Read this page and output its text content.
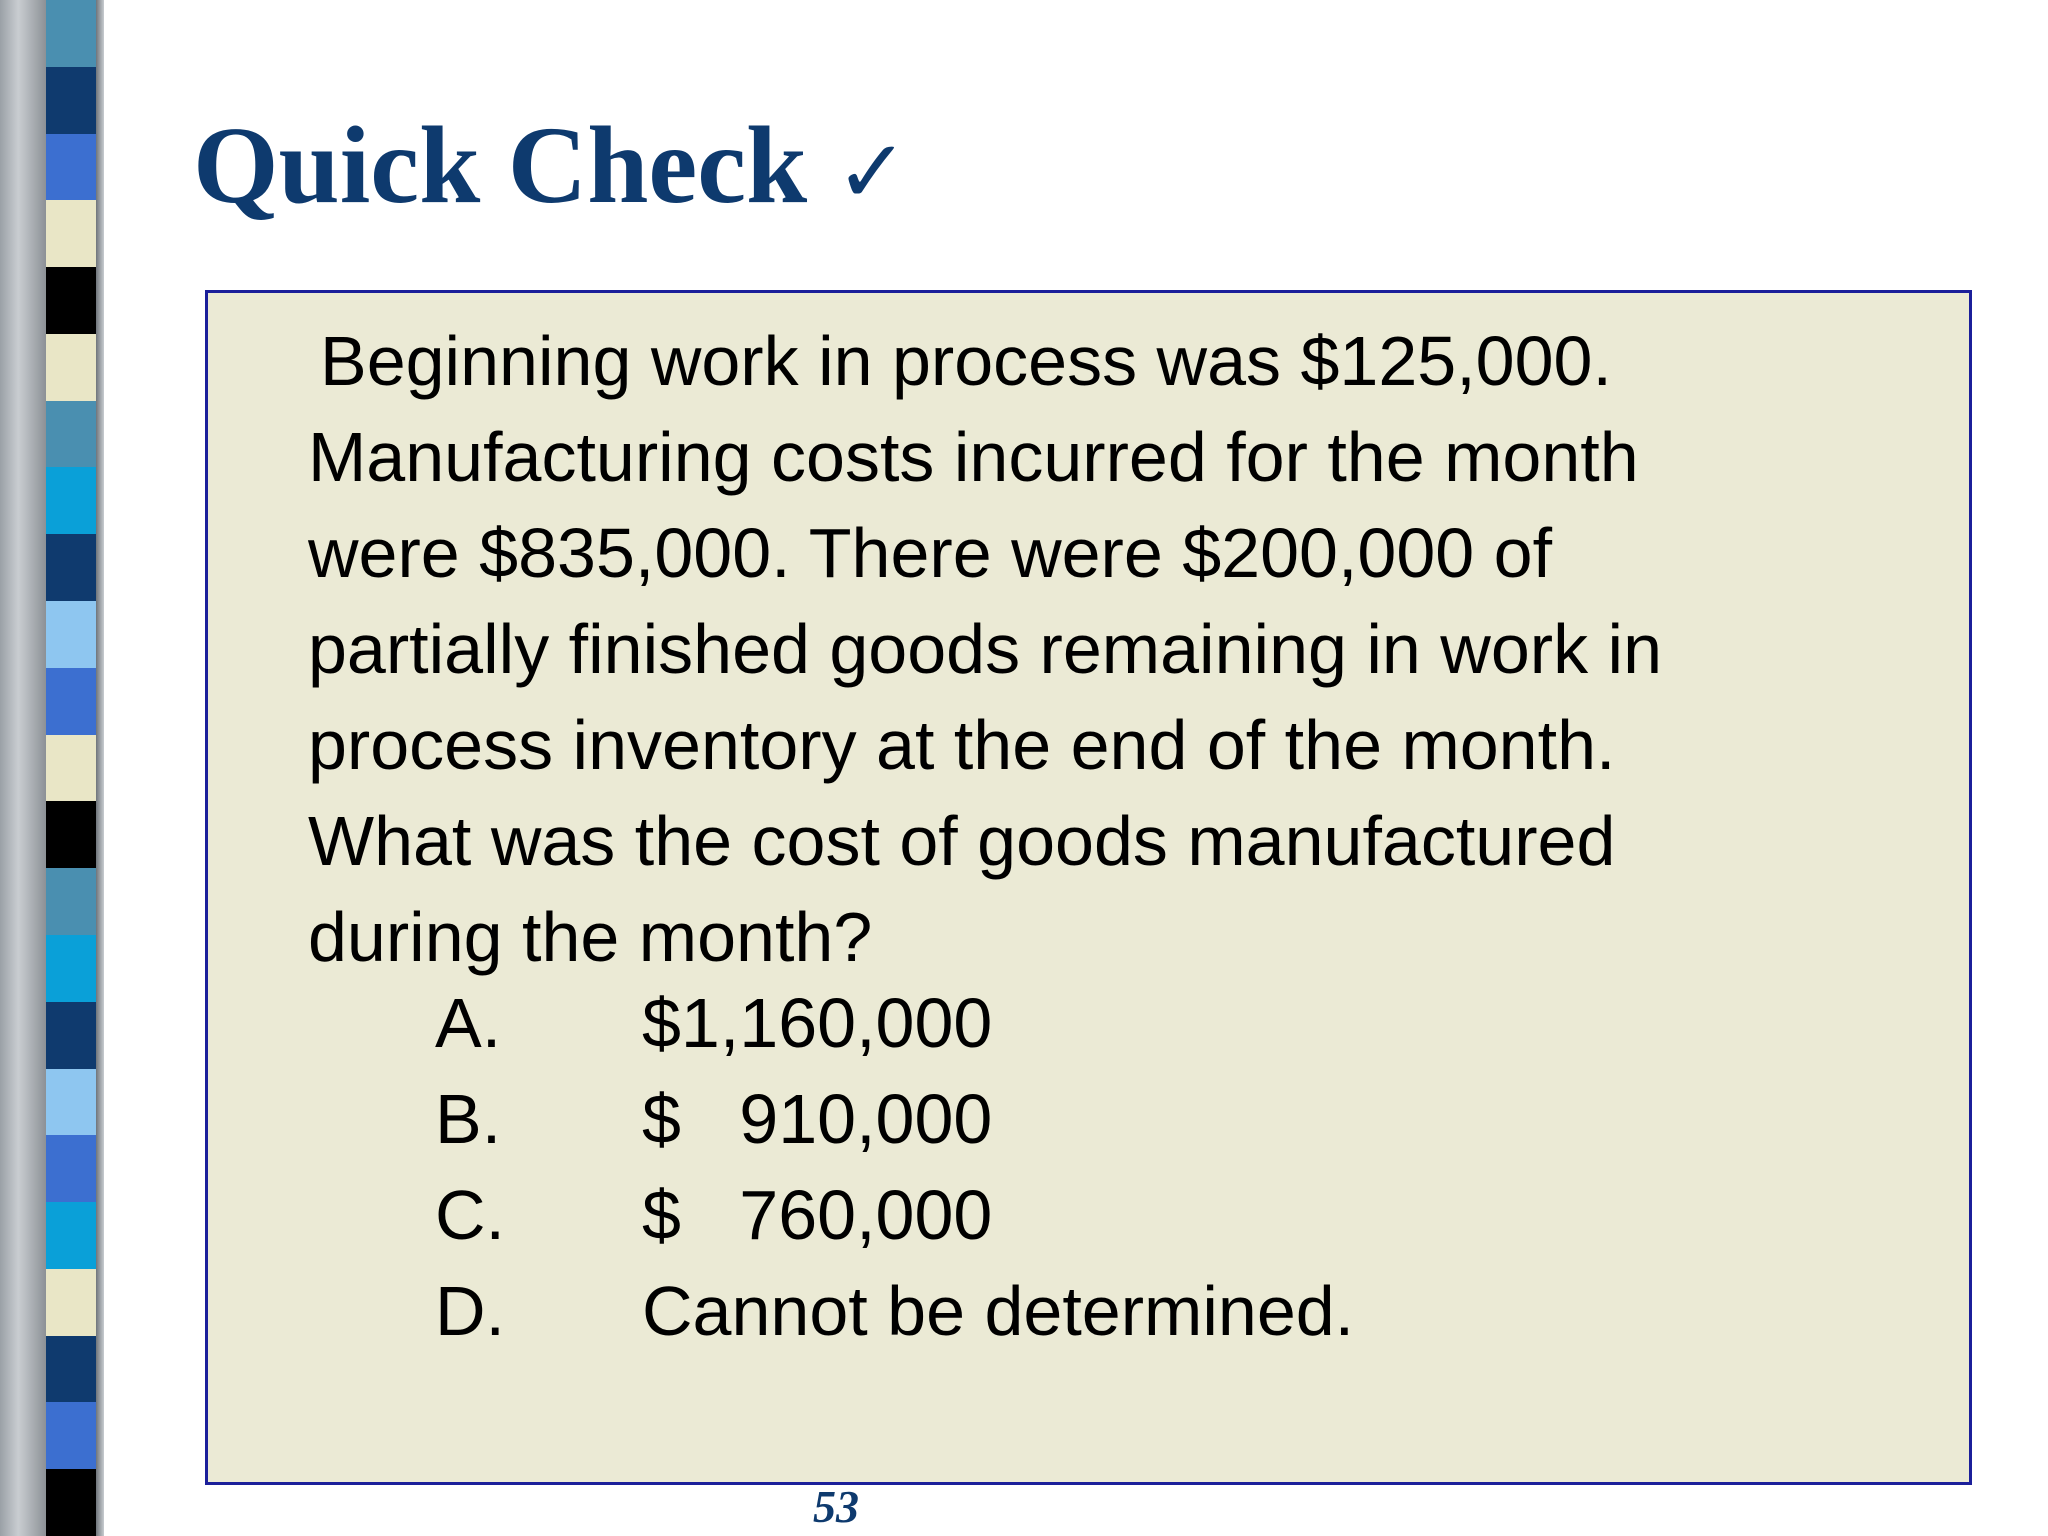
Quick Check ✓
Beginning work in process was $125,000.
Manufacturing costs incurred for the month
were $835,000. There were $200,000 of
partially finished goods remaining in work in
process inventory at the end of the month.
What was the cost of goods manufactured
during the month?
A.	$1,160,000
B.	$   910,000
C.	$   760,000
D.	Cannot be determined.
53
